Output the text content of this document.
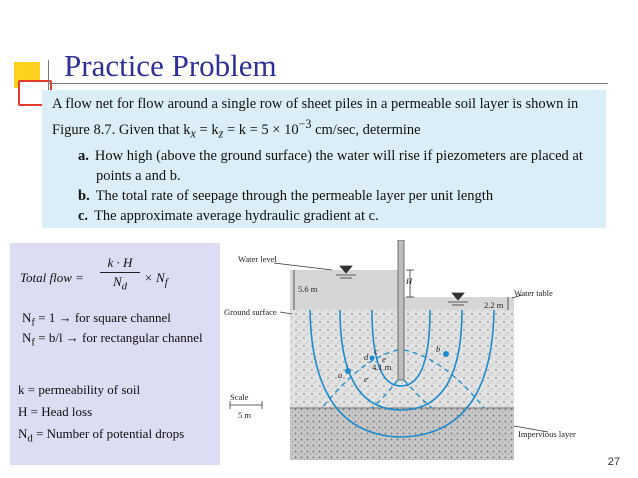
Practice Problem

A flow net for flow around a single row of sheet piles in a permeable soil layer is shown in Figure 8.7. Given that $k_x = k_z = k = 5 \times 10^{-3}$ cm/sec, determine

a. How high (above the ground surface) the water will rise if piezometers are placed at points a and b.
b. The total rate of seepage through the permeable layer per unit length
c. The approximate average hydraulic gradient at c.
Total flow = $\frac{k \cdot H}{N_d} \times N_f$
$N_f = 1$ → for square channel
$N_f = b/l$ → for rectangular channel
k = permeability of soil
H = Head loss
$N_d$ = Number of potential drops
Water level
H
5.6 m	Water table
2.2 m
Ground surface
Scale
5 m
Impervious layer
4.1 m
a
b
c
d e
e
27
